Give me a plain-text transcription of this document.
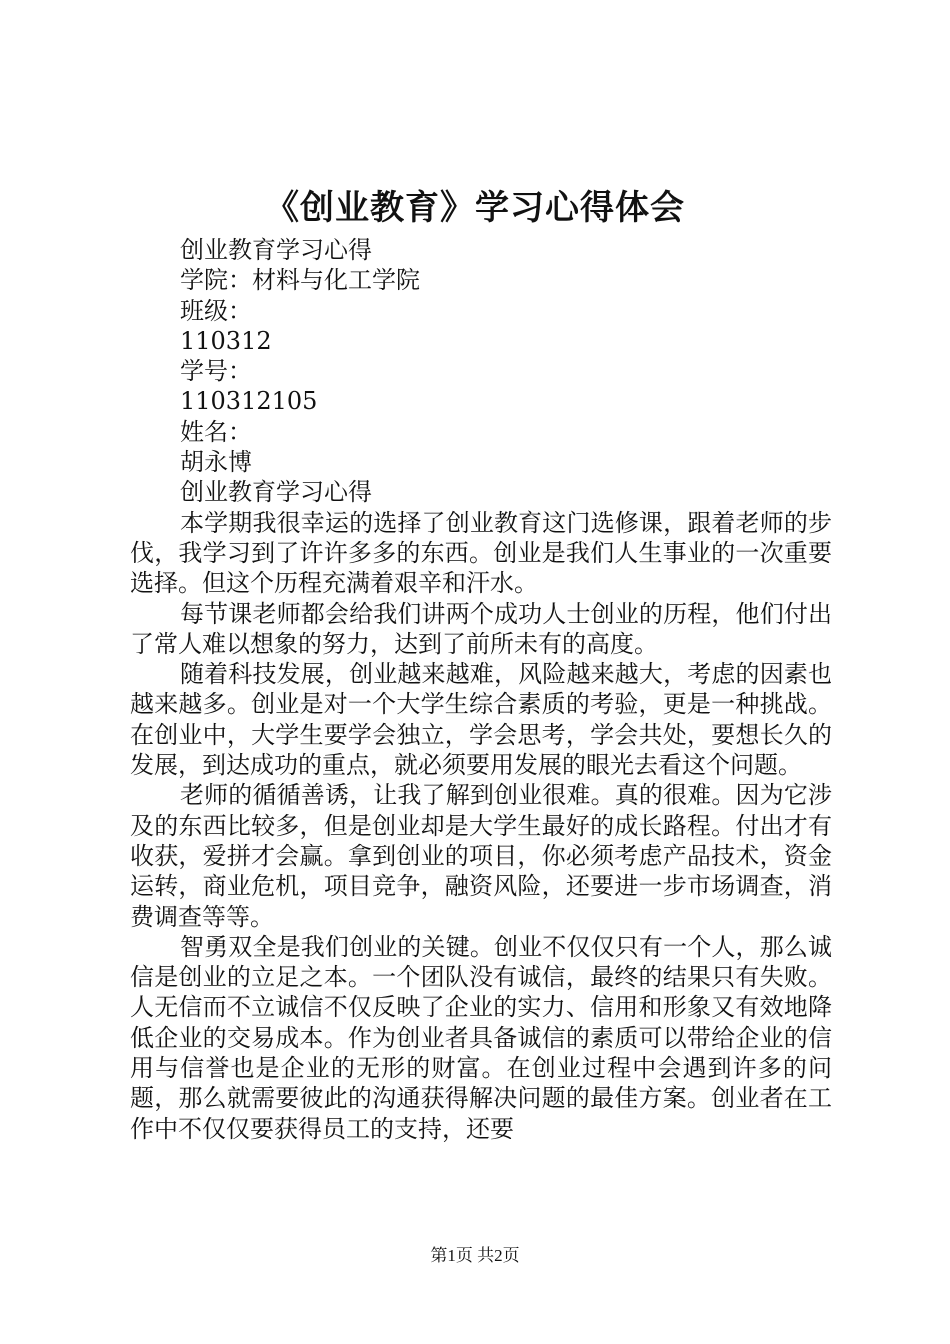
《创业教育》学习心得体会
创业教育学习心得
学院：材料与化工学院
班级：
110312
学号：
110312105
姓名：
胡永博
创业教育学习心得

本学期我很幸运的选择了创业教育这门选修课，跟着老师的步伐，我学习到了许许多多的东西。创业是我们人生事业的一次重要选择。但这个历程充满着艰辛和汗水。

每节课老师都会给我们讲两个成功人士创业的历程，他们付出了常人难以想象的努力，达到了前所未有的高度。

随着科技发展，创业越来越难，风险越来越大，考虑的因素也越来越多。创业是对一个大学生综合素质的考验，更是一种挑战。在创业中，大学生要学会独立，学会思考，学会共处，要想长久的发展，到达成功的重点，就必须要用发展的眼光去看这个问题。

老师的循循善诱，让我了解到创业很难。真的很难。因为它涉及的东西比较多，但是创业却是大学生最好的成长路程。付出才有收获，爱拼才会赢。拿到创业的项目，你必须考虑产品技术，资金运转，商业危机，项目竞争，融资风险，还要进一步市场调查，消费调查等等。

智勇双全是我们创业的关键。创业不仅仅只有一个人，那么诚信是创业的立足之本。一个团队没有诚信，最终的结果只有失败。人无信而不立诚信不仅反映了企业的实力、信用和形象又有效地降低企业的交易成本。作为创业者具备诚信的素质可以带给企业的信用与信誉也是企业的无形的财富。在创业过程中会遇到许多的问题，那么就需要彼此的沟通获得解决问题的最佳方案。创业者在工作中不仅仅要获得员工的支持，还要

第1页 共2页
